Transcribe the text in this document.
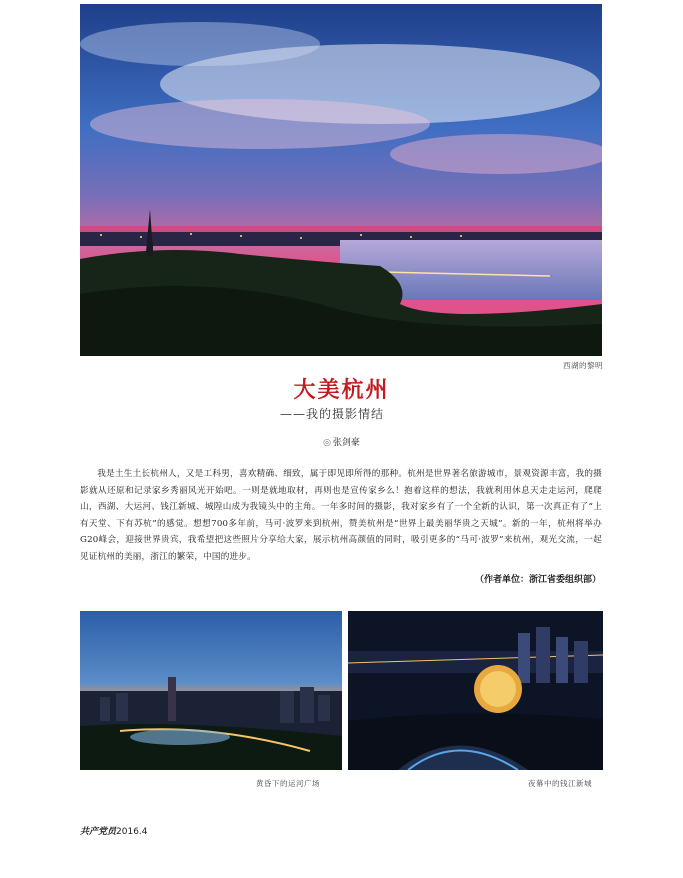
西湖的黎明
大美杭州
——我的摄影情结
◎ 张剑豪

我是土生土长杭州人，又是工科男，喜欢精确、细致，属于即见即所得的那种。杭州是世界著名旅游城市，景观资源丰富，我的摄影就从还原和记录家乡秀丽风光开始吧。一则是就地取材，再则也是宣传家乡么！抱着这样的想法，我就利用休息天走走运河，爬爬山，西湖、大运河、钱江新城、城隍山成为我镜头中的主角。一年多时间的摄影，我对家乡有了一个全新的认识，第一次真正有了“上有天堂、下有苏杭”的感觉。想想700多年前，马可·波罗来到杭州，赞美杭州是“世界上最美丽华贵之天城”。新的一年，杭州将举办G20峰会，迎接世界贵宾，我希望把这些照片分享给大家，展示杭州高颜值的同时，吸引更多的“马可·波罗”来杭州，观光交流，一起见证杭州的美丽，浙江的繁荣，中国的进步。

（作者单位：浙江省委组织部）
黄昏下的运河广场	夜幕中的钱江新城
共产党员2016.4
